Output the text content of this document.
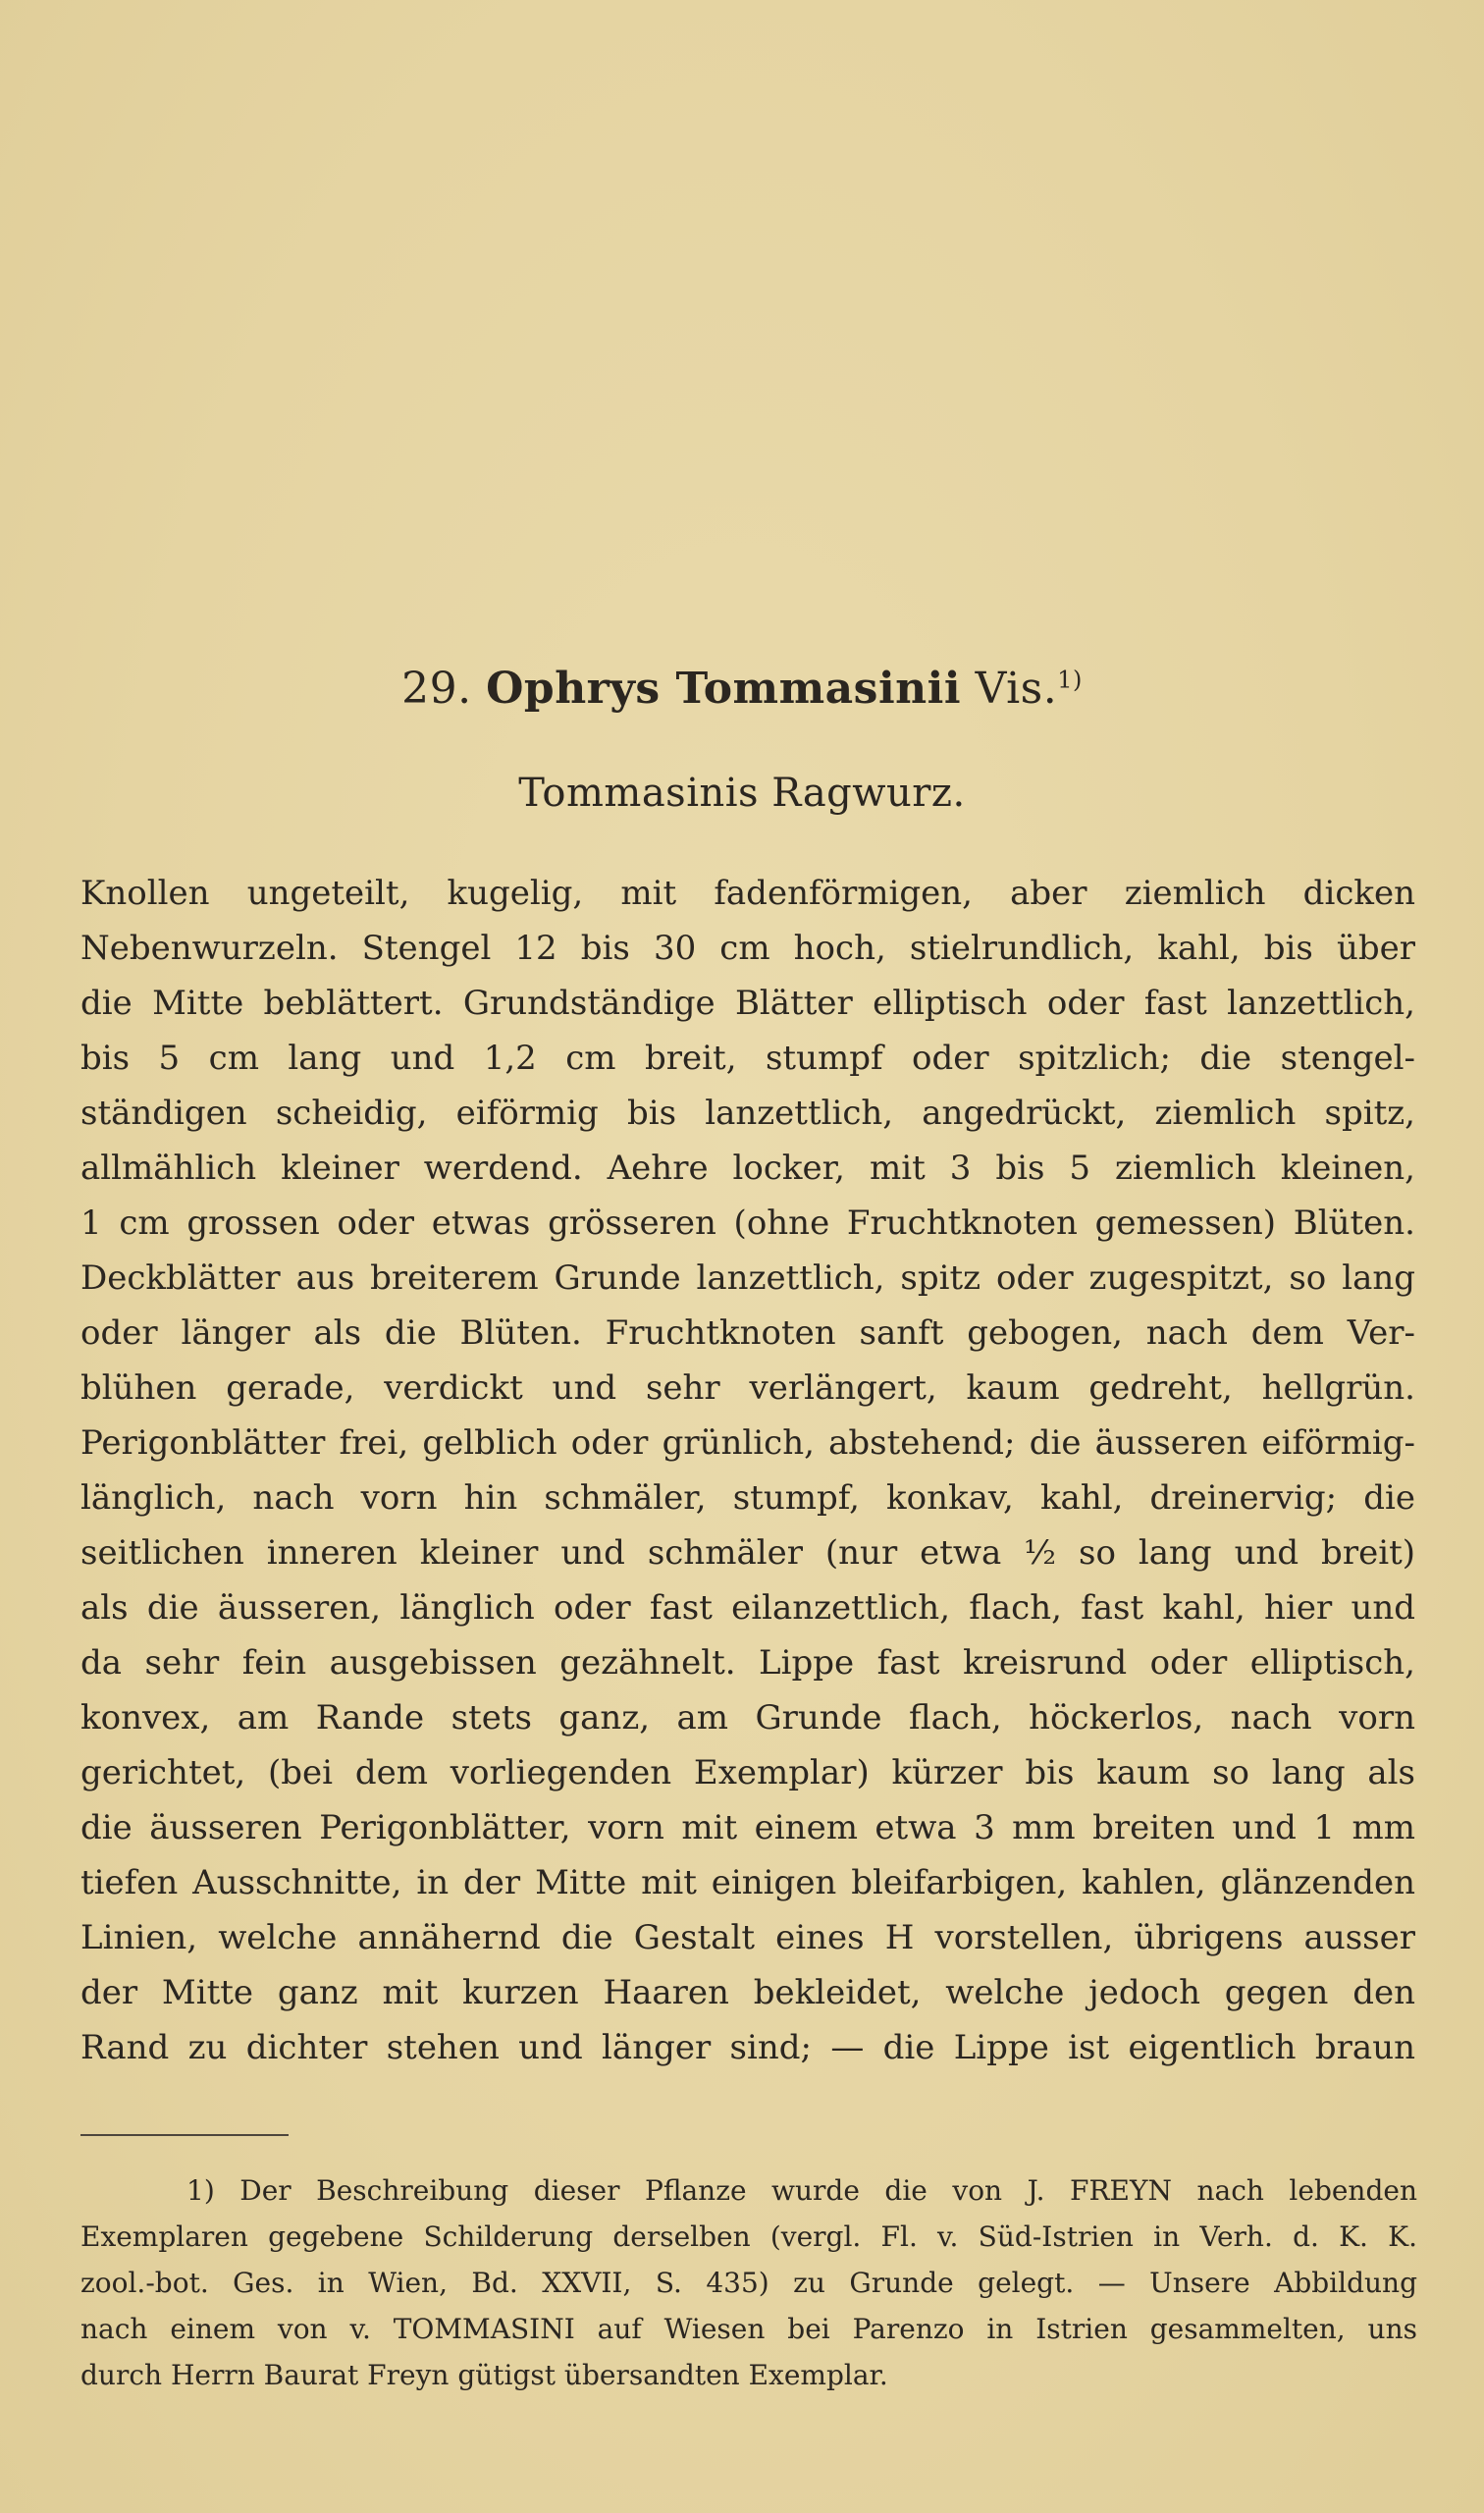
29. Ophrys Tommasinii Vis.$^{1)}$
Tommasinis Ragwurz.
Knollen ungeteilt, kugelig, mit fadenförmigen, aber ziemlich dicken
Nebenwurzeln. Stengel 12 bis 30 cm hoch, stielrundlich, kahl, bis über
die Mitte beblättert. Grundständige Blätter elliptisch oder fast lanzettlich,
bis 5 cm lang und 1,2 cm breit, stumpf oder spitzlich; die stengel-
ständigen scheidig, eiförmig bis lanzettlich, angedrückt, ziemlich spitz,
allmählich kleiner werdend. Aehre locker, mit 3 bis 5 ziemlich kleinen,
1 cm grossen oder etwas grösseren (ohne Fruchtknoten gemessen) Blüten.
Deckblätter aus breiterem Grunde lanzettlich, spitz oder zugespitzt, so lang
oder länger als die Blüten. Fruchtknoten sanft gebogen, nach dem Ver-
blühen gerade, verdickt und sehr verlängert, kaum gedreht, hellgrün.
Perigonblätter frei, gelblich oder grünlich, abstehend; die äusseren eiförmig-
länglich, nach vorn hin schmäler, stumpf, konkav, kahl, dreinervig; die
seitlichen inneren kleiner und schmäler (nur etwa ½ so lang und breit)
als die äusseren, länglich oder fast eilanzettlich, flach, fast kahl, hier und
da sehr fein ausgebissen gezähnelt. Lippe fast kreisrund oder elliptisch,
konvex, am Rande stets ganz, am Grunde flach, höckerlos, nach vorn
gerichtet, (bei dem vorliegenden Exemplar) kürzer bis kaum so lang als
die äusseren Perigonblätter, vorn mit einem etwa 3 mm breiten und 1 mm
tiefen Ausschnitte, in der Mitte mit einigen bleifarbigen, kahlen, glänzenden
Linien, welche annähernd die Gestalt eines H vorstellen, übrigens ausser
der Mitte ganz mit kurzen Haaren bekleidet, welche jedoch gegen den
Rand zu dichter stehen und länger sind; — die Lippe ist eigentlich braun
1) Der Beschreibung dieser Pflanze wurde die von J. FREYN nach lebenden
Exemplaren gegebene Schilderung derselben (vergl. Fl. v. Süd-Istrien in Verh. d. K. K.
zool.-bot. Ges. in Wien, Bd. XXVII, S. 435) zu Grunde gelegt. — Unsere Abbildung
nach einem von v. TOMMASINI auf Wiesen bei Parenzo in Istrien gesammelten, uns
durch Herrn Baurat Freyn gütigst übersandten Exemplar.
